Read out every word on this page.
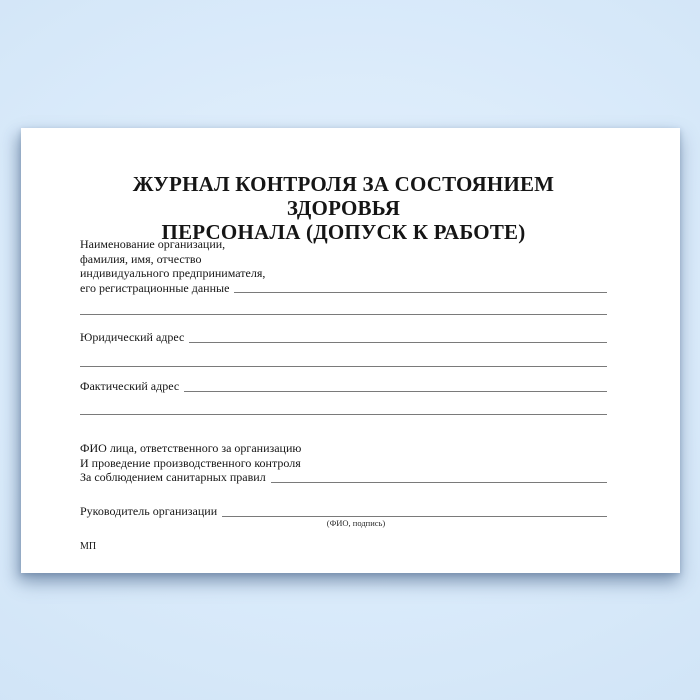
ЖУРНАЛ КОНТРОЛЯ ЗА СОСТОЯНИЕМ ЗДОРОВЬЯ
ПЕРСОНАЛА (ДОПУСК К РАБОТЕ)
Наименование организации,
фамилия, имя, отчество
индивидуального предпринимателя,
его регистрационные данные
Юридический адрес
Фактический адрес
ФИО лица, ответственного за организацию
И проведение производственного контроля
За соблюдением санитарных правил
Руководитель организации
(ФИО, подпись)
МП
